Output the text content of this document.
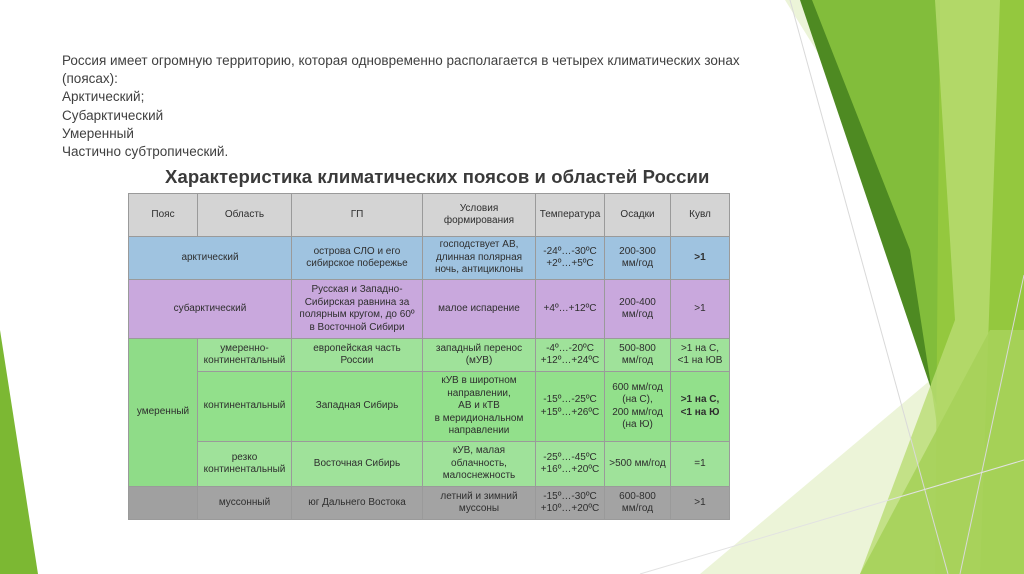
Россия имеет огромную территорию, которая одновременно располагается в четырех климатических зонах (поясах):
Арктический;
Субарктический
Умеренный
Частично субтропический.
Характеристика климатических поясов и областей России
Пояс	Область	ГП	Условия формирования	Температура	Осадки	Кувл
арктический		острова СЛО и его
сибирское побережье	господствует АВ,
длинная полярная
ночь, антициклоны	-24º…-30ºС
+2º…+5ºС	200-300
мм/год	>1
субарктический		Русская и Западно-
Сибирская равнина за
полярным кругом, до 60º
в Восточной Сибири	малое испарение	+4º…+12ºС	200-400
мм/год	>1
умеренный	умеренно-
континентальный	европейская часть
России	западный перенос
(мУВ)	-4º…-20ºС
+12º…+24ºС	500-800
мм/год	>1 на С,
<1 на ЮВ

	континентальный	Западная Сибирь	кУВ в широтном
направлении,
АВ и кТВ
в меридиональном
направлении	-15º…-25ºС
+15º…+26ºС	600 мм/год
(на С),
200 мм/год
(на Ю)	>1 на С,
<1 на Ю

	резко
континентальный	Восточная Сибирь	кУВ, малая
облачность,
малоснежность	-25º…-45ºС
+16º…+20ºС	>500 мм/год	=1

	муссонный	юг Дальнего Востока	летний и зимний
муссоны	-15º…-30ºС
+10º…+20ºС	600-800
мм/год	>1
